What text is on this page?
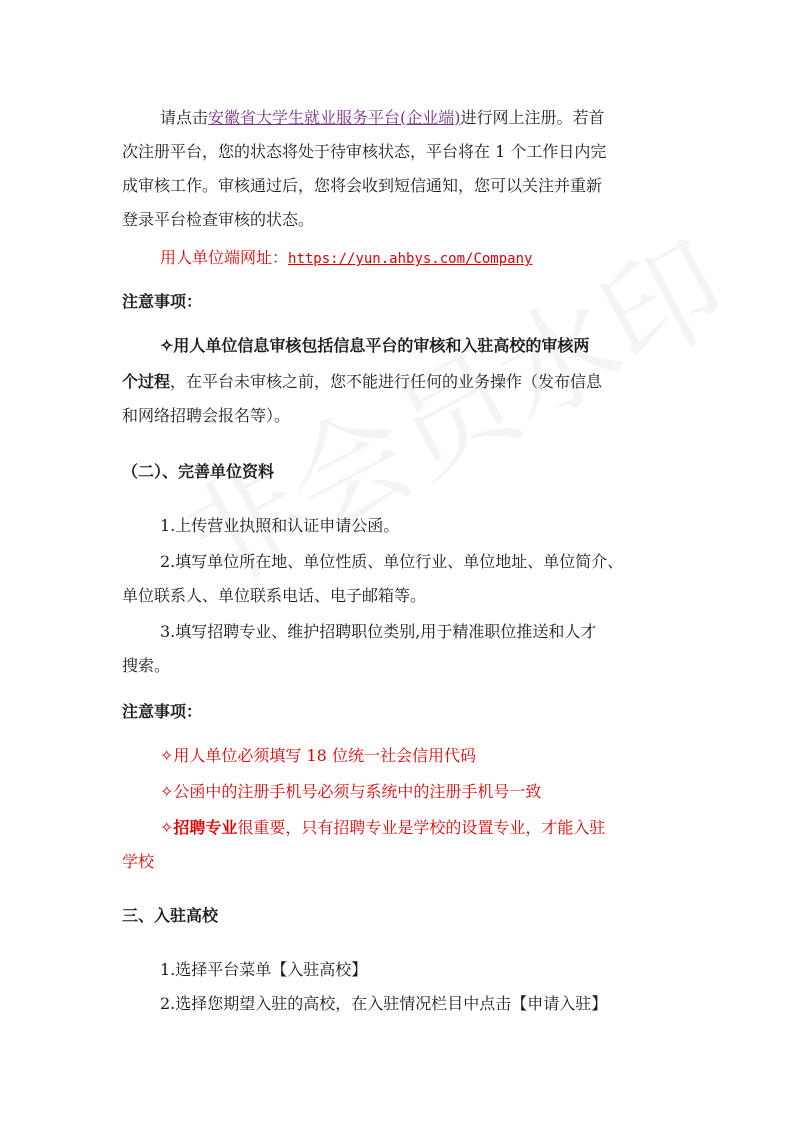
请点击安徽省大学生就业服务平台(企业端)进行网上注册。若首
次注册平台，您的状态将处于待审核状态，平台将在 1 个工作日内完
成审核工作。审核通过后，您将会收到短信通知，您可以关注并重新
登录平台检查审核的状态。
用人单位端网址：https://yun.ahbys.com/Company
注意事项：
✧用人单位信息审核包括信息平台的审核和入驻高校的审核两
个过程，在平台未审核之前，您不能进行任何的业务操作（发布信息
和网络招聘会报名等）。
（二）、完善单位资料
1.上传营业执照和认证申请公函。
2.填写单位所在地、单位性质、单位行业、单位地址、单位简介、
单位联系人、单位联系电话、电子邮箱等。
3.填写招聘专业、维护招聘职位类别,用于精准职位推送和人才
搜索。
注意事项：
✧用人单位必须填写 18 位统一社会信用代码
✧公函中的注册手机号必须与系统中的注册手机号一致
✧招聘专业很重要，只有招聘专业是学校的设置专业，才能入驻
学校
三、入驻高校
1.选择平台菜单【入驻高校】
2.选择您期望入驻的高校，在入驻情况栏目中点击【申请入驻】
